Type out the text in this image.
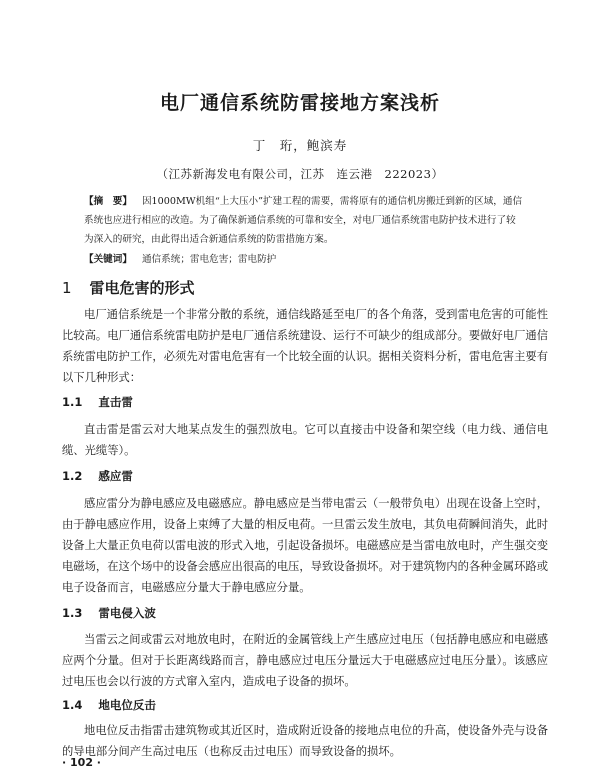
电厂通信系统防雷接地方案浅析
丁　珩，鲍滨寿
（江苏新海发电有限公司，江苏　连云港　222023）
【摘　要】 因1000MW机组“上大压小”扩建工程的需要，需将原有的通信机房搬迁到新的区域，通信系统也应进行相应的改造。为了确保新通信系统的可靠和安全，对电厂通信系统雷电防护技术进行了较为深入的研究，由此得出适合新通信系统的防雷措施方案。
【关键词】 通信系统；雷电危害；雷电防护
1 雷电危害的形式

电厂通信系统是一个非常分散的系统，通信线路延至电厂的各个角落，受到雷电危害的可能性比较高。电厂通信系统雷电防护是电厂通信系统建设、运行不可缺少的组成部分。要做好电厂通信系统雷电防护工作，必须先对雷电危害有一个比较全面的认识。据相关资料分析，雷电危害主要有以下几种形式：

1.1 直击雷

直击雷是雷云对大地某点发生的强烈放电。它可以直接击中设备和架空线（电力线、通信电缆、光缆等）。

1.2 感应雷

感应雷分为静电感应及电磁感应。静电感应是当带电雷云（一般带负电）出现在设备上空时，由于静电感应作用，设备上束缚了大量的相反电荷。一旦雷云发生放电，其负电荷瞬间消失，此时设备上大量正负电荷以雷电波的形式入地，引起设备损坏。电磁感应是当雷电放电时，产生强交变电磁场，在这个场中的设备会感应出很高的电压，导致设备损坏。对于建筑物内的各种金属环路或电子设备而言，电磁感应分量大于静电感应分量。

1.3 雷电侵入波

当雷云之间或雷云对地放电时，在附近的金属管线上产生感应过电压（包括静电感应和电磁感应两个分量。但对于长距离线路而言，静电感应过电压分量远大于电磁感应过电压分量）。该感应过电压也会以行波的方式窜入室内，造成电子设备的损坏。

1.4 地电位反击

地电位反击指雷击建筑物或其近区时，造成附近设备的接地点电位的升高，使设备外壳与设备的导电部分间产生高过电压（也称反击过电压）而导致设备的损坏。

· 102 ·
